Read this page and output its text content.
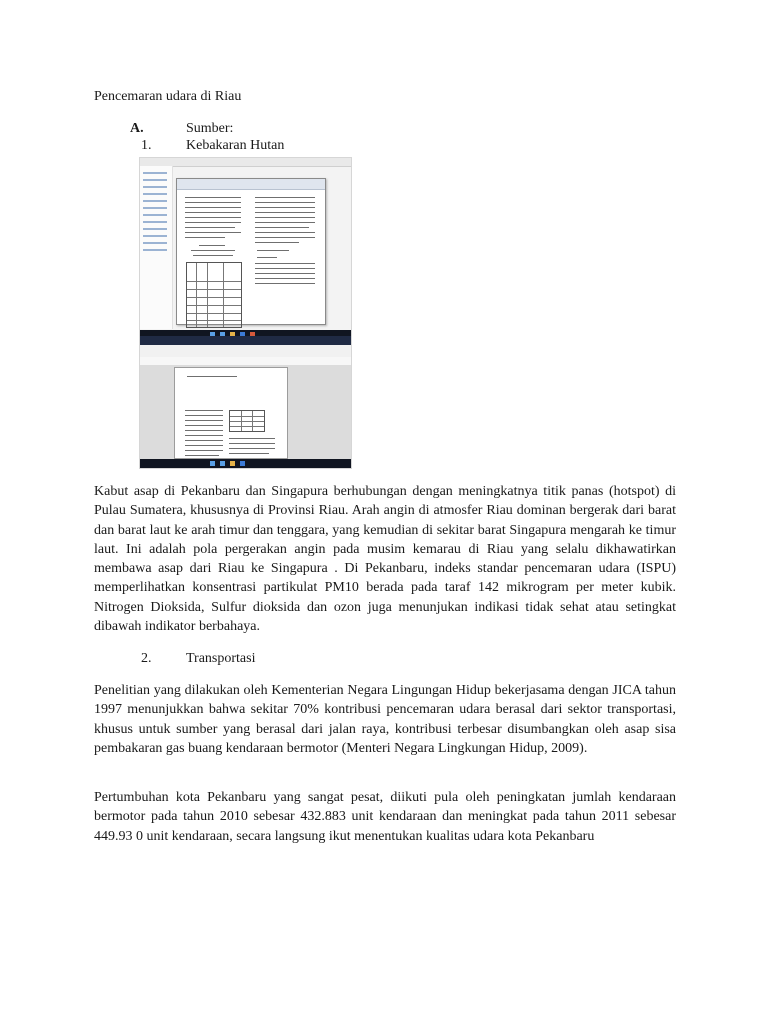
Pencemaran udara di Riau
A.	Sumber:
1. Kebakaran Hutan

Kabut asap di Pekanbaru dan Singapura berhubungan dengan meningkatnya titik panas (hotspot) di Pulau Sumatera, khususnya di Provinsi Riau. Arah angin di atmosfer Riau dominan bergerak dari barat dan barat laut ke arah timur dan tenggara, yang kemudian di sekitar barat Singapura mengarah ke timur laut. Ini adalah pola pergerakan angin pada musim kemarau di Riau yang selalu dikhawatirkan membawa asap dari Riau ke Singapura . Di Pekanbaru, indeks standar pencemaran udara (ISPU) memperlihatkan konsentrasi partikulat PM10 berada pada taraf 142 mikrogram per meter kubik. Nitrogen Dioksida, Sulfur dioksida dan ozon juga menunjukan indikasi tidak sehat atau setingkat dibawah indikator berbahaya.

2. Transportasi

Penelitian yang dilakukan oleh Kementerian Negara Lingungan Hidup bekerjasama dengan JICA tahun 1997 menunjukkan bahwa sekitar 70% kontribusi pencemaran udara berasal dari sektor transportasi, khusus untuk sumber yang berasal dari jalan raya, kontribusi terbesar disumbangkan oleh asap sisa pembakaran gas buang kendaraan bermotor (Menteri Negara Lingkungan Hidup, 2009).

Pertumbuhan kota Pekanbaru yang sangat pesat, diikuti pula oleh peningkatan jumlah kendaraan bermotor pada tahun 2010 sebesar 432.883 unit kendaraan dan meningkat pada tahun 2011 sebesar 449.93 0 unit kendaraan, secara langsung ikut menentukan kualitas udara kota Pekanbaru
